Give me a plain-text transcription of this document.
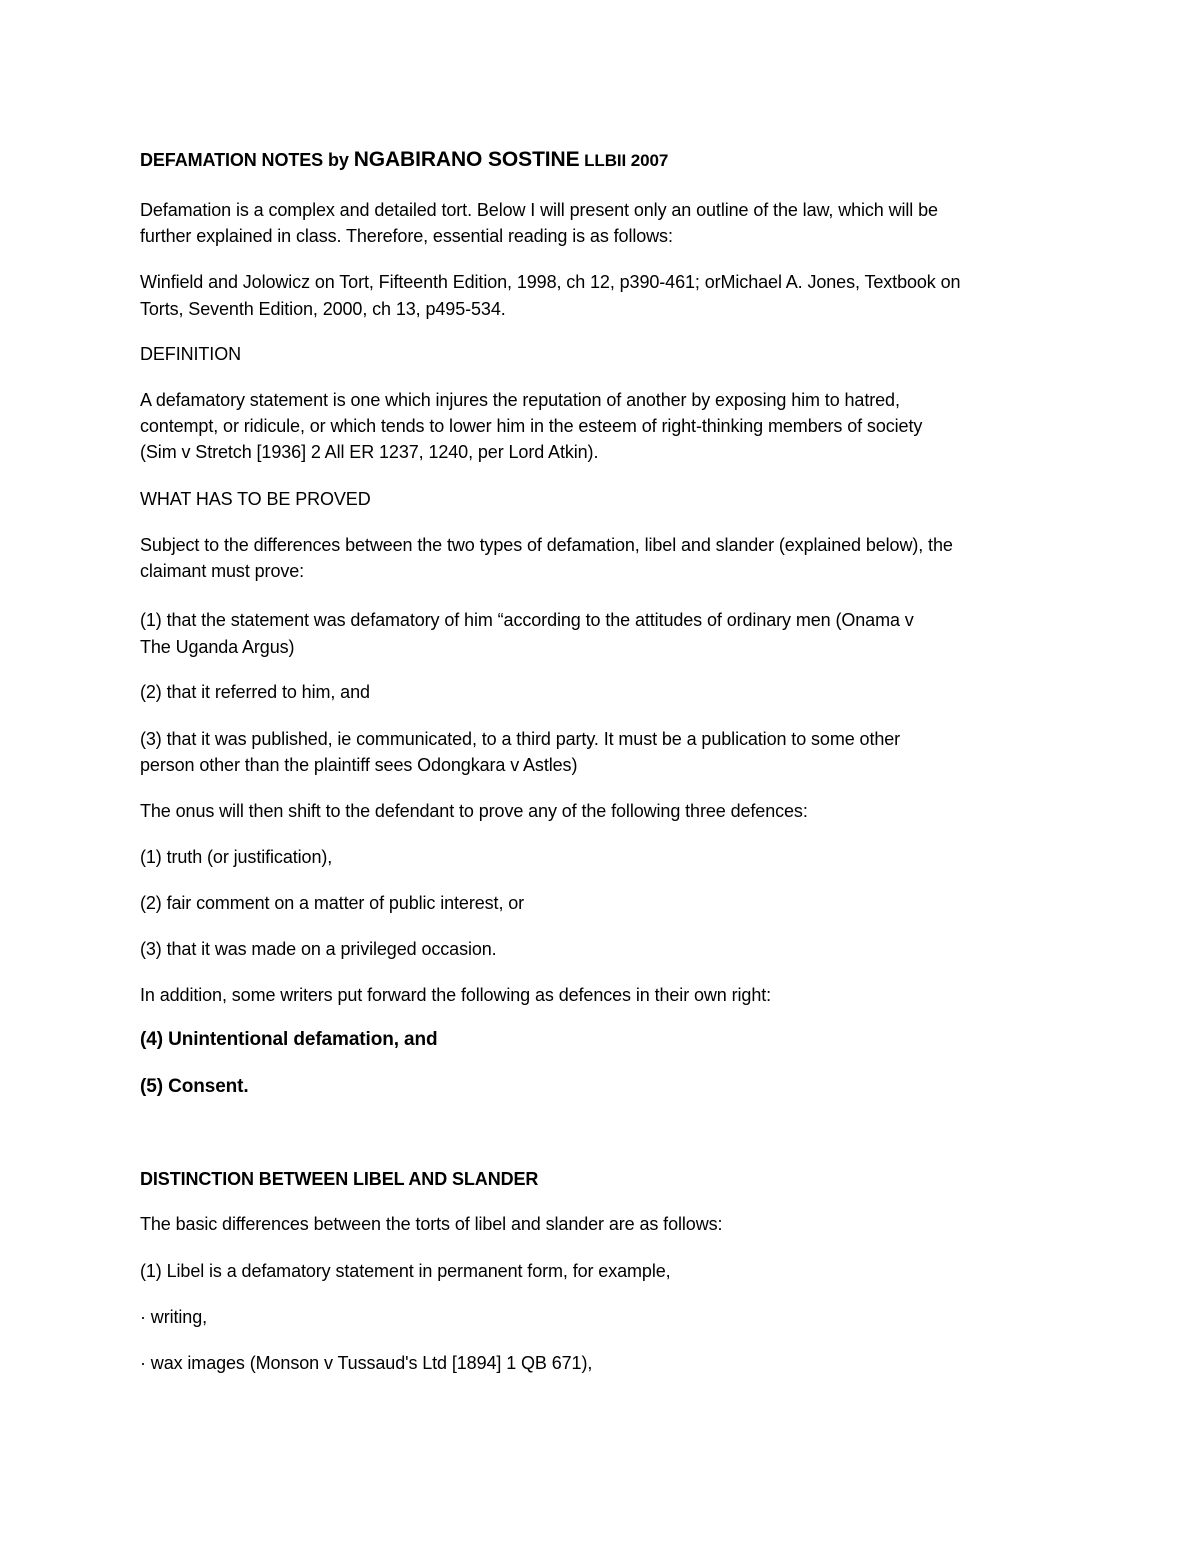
DEFAMATION NOTES by NGABIRANO SOSTINE LLBII 2007
Defamation is a complex and detailed tort. Below I will present only an outline of the law, which will be
further explained in class. Therefore, essential reading is as follows:
Winfield and Jolowicz on Tort, Fifteenth Edition, 1998, ch 12, p390-461; orMichael A. Jones, Textbook on
Torts, Seventh Edition, 2000, ch 13, p495-534.
DEFINITION
A defamatory statement is one which injures the reputation of another by exposing him to hatred,
contempt, or ridicule, or which tends to lower him in the esteem of right-thinking members of society
(Sim v Stretch [1936] 2 All ER 1237, 1240, per Lord Atkin).
WHAT HAS TO BE PROVED
Subject to the differences between the two types of defamation, libel and slander (explained below), the
claimant must prove:
(1) that the statement was defamatory of him “according to the attitudes of ordinary men (Onama v
The Uganda Argus)
(2) that it referred to him, and
(3) that it was published, ie communicated, to a third party. It must be a publication to some other
person other than the plaintiff sees Odongkara v Astles)
The onus will then shift to the defendant to prove any of the following three defences:
(1) truth (or justification),
(2) fair comment on a matter of public interest, or
(3) that it was made on a privileged occasion.
In addition, some writers put forward the following as defences in their own right:
(4) Unintentional defamation, and
(5) Consent.
DISTINCTION BETWEEN LIBEL AND SLANDER
The basic differences between the torts of libel and slander are as follows:
(1) Libel is a defamatory statement in permanent form, for example,
· writing,
· wax images (Monson v Tussaud's Ltd [1894] 1 QB 671),
